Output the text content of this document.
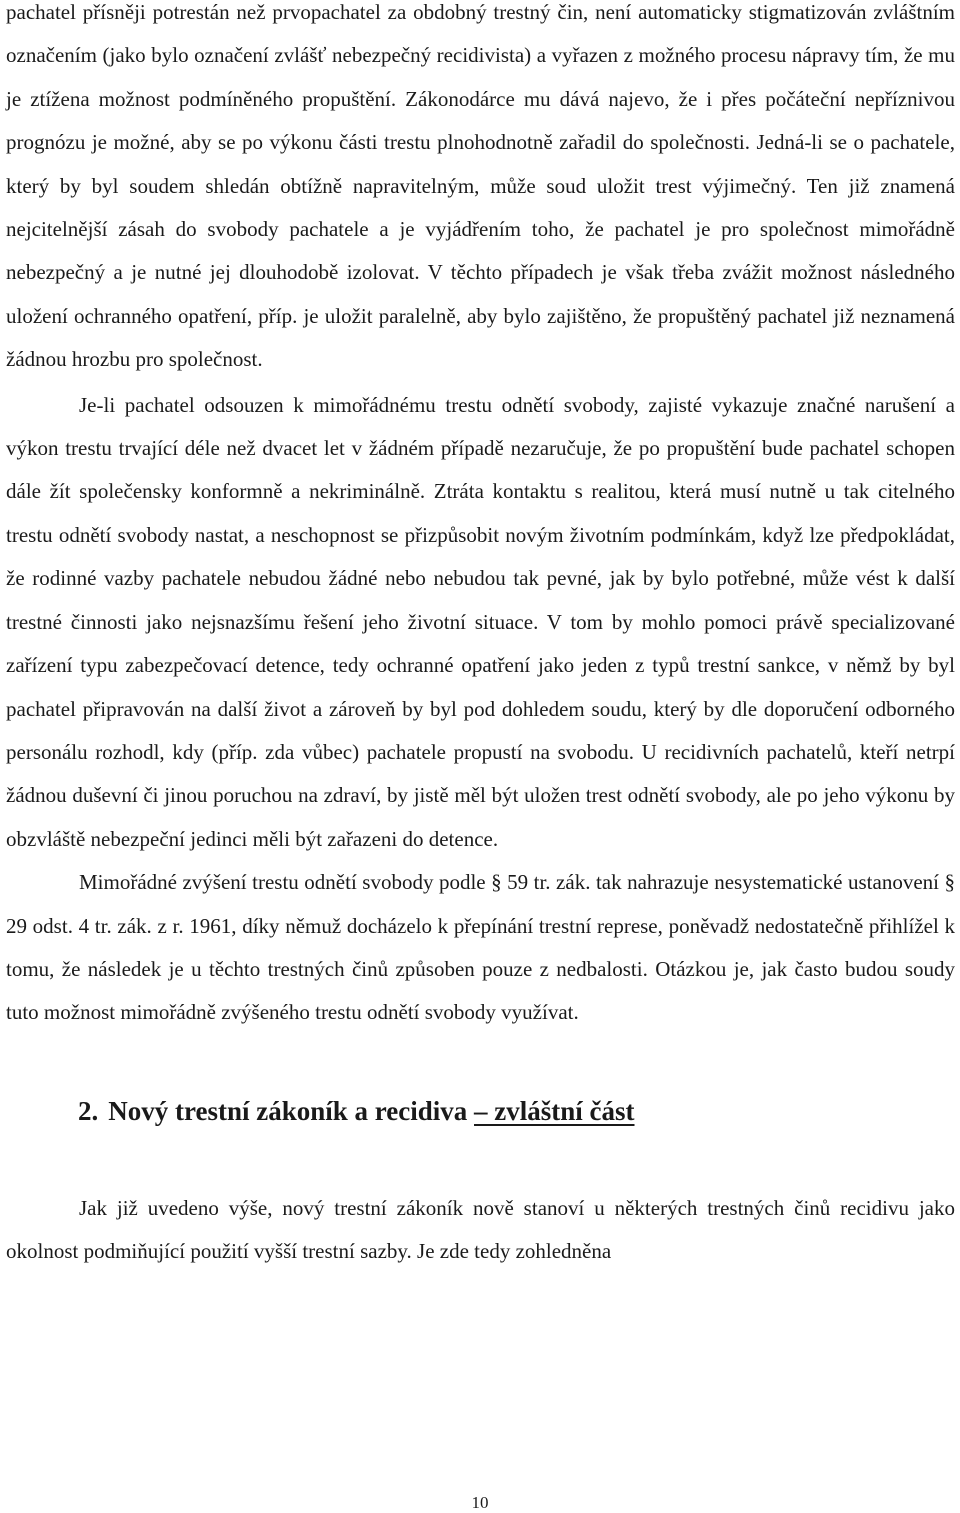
pachatel přísněji potrestán než prvopachatel za obdobný trestný čin, není automaticky stigmatizován zvláštním označením (jako bylo označení zvlášť nebezpečný recidivista) a vyřazen z možného procesu nápravy tím, že mu je ztížena možnost podmíněného propuštění. Zákonodárce mu dává najevo, že i přes počáteční nepříznivou prognózu je možné, aby se po výkonu části trestu plnohodnotně zařadil do společnosti. Jedná-li se o pachatele, který by byl soudem shledán obtížně napravitelným, může soud uložit trest výjimečný. Ten již znamená nejcitelnější zásah do svobody pachatele a je vyjádřením toho, že pachatel je pro společnost mimořádně nebezpečný a je nutné jej dlouhodobě izolovat. V těchto případech je však třeba zvážit možnost následného uložení ochranného opatření, příp. je uložit paralelně, aby bylo zajištěno, že propuštěný pachatel již neznamená žádnou hrozbu pro společnost.

Je-li pachatel odsouzen k mimořádnému trestu odnětí svobody, zajisté vykazuje značné narušení a výkon trestu trvající déle než dvacet let v žádném případě nezaručuje, že po propuštění bude pachatel schopen dále žít společensky konformně a nekriminálně. Ztráta kontaktu s realitou, která musí nutně u tak citelného trestu odnětí svobody nastat, a neschopnost se přizpůsobit novým životním podmínkám, když lze předpokládat, že rodinné vazby pachatele nebudou žádné nebo nebudou tak pevné, jak by bylo potřebné, může vést k další trestné činnosti jako nejsnazšímu řešení jeho životní situace. V tom by mohlo pomoci právě specializované zařízení typu zabezpečovací detence, tedy ochranné opatření jako jeden z typů trestní sankce, v němž by byl pachatel připravován na další život a zároveň by byl pod dohledem soudu, který by dle doporučení odborného personálu rozhodl, kdy (příp. zda vůbec) pachatele propustí na svobodu. U recidivních pachatelů, kteří netrpí žádnou duševní či jinou poruchou na zdraví, by jistě měl být uložen trest odnětí svobody, ale po jeho výkonu by obzvláště nebezpeční jedinci měli být zařazeni do detence.

Mimořádné zvýšení trestu odnětí svobody podle § 59 tr. zák. tak nahrazuje nesystematické ustanovení § 29 odst. 4 tr. zák. z r. 1961, díky němuž docházelo k přepínání trestní represe, poněvadž nedostatečně přihlížel k tomu, že následek je u těchto trestných činů způsoben pouze z nedbalosti. Otázkou je, jak často budou soudy tuto možnost mimořádně zvýšeného trestu odnětí svobody využívat.

2. Nový trestní zákoník a recidiva – zvláštní část

Jak již uvedeno výše, nový trestní zákoník nově stanoví u některých trestných činů recidivu jako okolnost podmiňující použití vyšší trestní sazby. Je zde tedy zohledněna

10
